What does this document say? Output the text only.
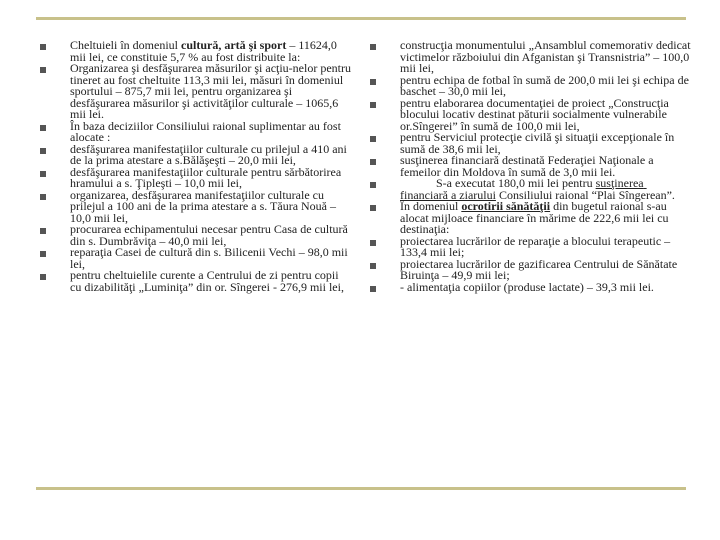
Cheltuieli în domeniul cultură, artă şi sport – 11624,0 mii lei, ce constituie 5,7 % au fost distribuite la:
Organizarea şi desfăşurarea măsurilor şi acţiu-nelor pentru tineret au fost cheltuite 113,3 mii lei, măsuri în domeniul sportului – 875,7 mii lei, pentru organizarea şi desfăşurarea măsurilor şi activităţilor culturale – 1065,6 mii lei.
În baza deciziilor Consiliului raional suplimentar au fost alocate :
desfăşurarea manifestaţiilor culturale cu prilejul a 410 ani de la prima atestare a s.Bălăşeşti – 20,0 mii lei,
desfăşurarea manifestaţiilor culturale pentru sărbătorirea hramului a s. Ţipleşti – 10,0 mii lei,
organizarea, desfăşurarea manifestaţiilor culturale cu prilejul a 100 ani de la prima atestare a s. Tăura Nouă – 10,0 mii lei,
procurarea echipamentului necesar pentru Casa de cultură din s. Dumbrăviţa – 40,0 mii lei,
reparaţia Casei de cultură din s. Bilicenii Vechi – 98,0 mii lei,
pentru cheltuielile curente a Centrului de zi pentru copii cu dizabilităţi „Luminiţa” din or. Sîngerei - 276,9 mii lei,
construcţia monumentului „Ansamblul comemorativ dedicat victimelor războiului din Afganistan şi Transnistria” – 100,0 mii lei,
pentru echipa de fotbal în sumă de 200,0 mii lei şi echipa de baschet – 30,0 mii lei,
pentru elaborarea documentaţiei de proiect „Construcţia blocului locativ destinat păturii socialmente vulnerabile or.Sîngerei” în sumă de 100,0 mii lei,
pentru Serviciul protecţie civilă şi situaţii excepţionale în sumă de 38,6 mii lei,
susţinerea financiară destinată Federaţiei Naţionale a femeilor din Moldova în sumă de 3,0 mii lei.
S-a executat 180,0 mii lei pentru susţinerea financiară a ziarului Consiliului raional “Plai Sîngerean”.
În domeniul ocrotirii sănătăţii din bugetul raional s-au alocat mijloace financiare în mărime de 222,6 mii lei cu destinaţia:
proiectarea lucrărilor de reparaţie a blocului terapeutic – 133,4 mii lei;
proiectarea lucrărilor de gazificarea Centrului de Sănătate Biruinţa – 49,9 mii lei;
- alimentaţia copiilor (produse lactate) – 39,3 mii lei.
